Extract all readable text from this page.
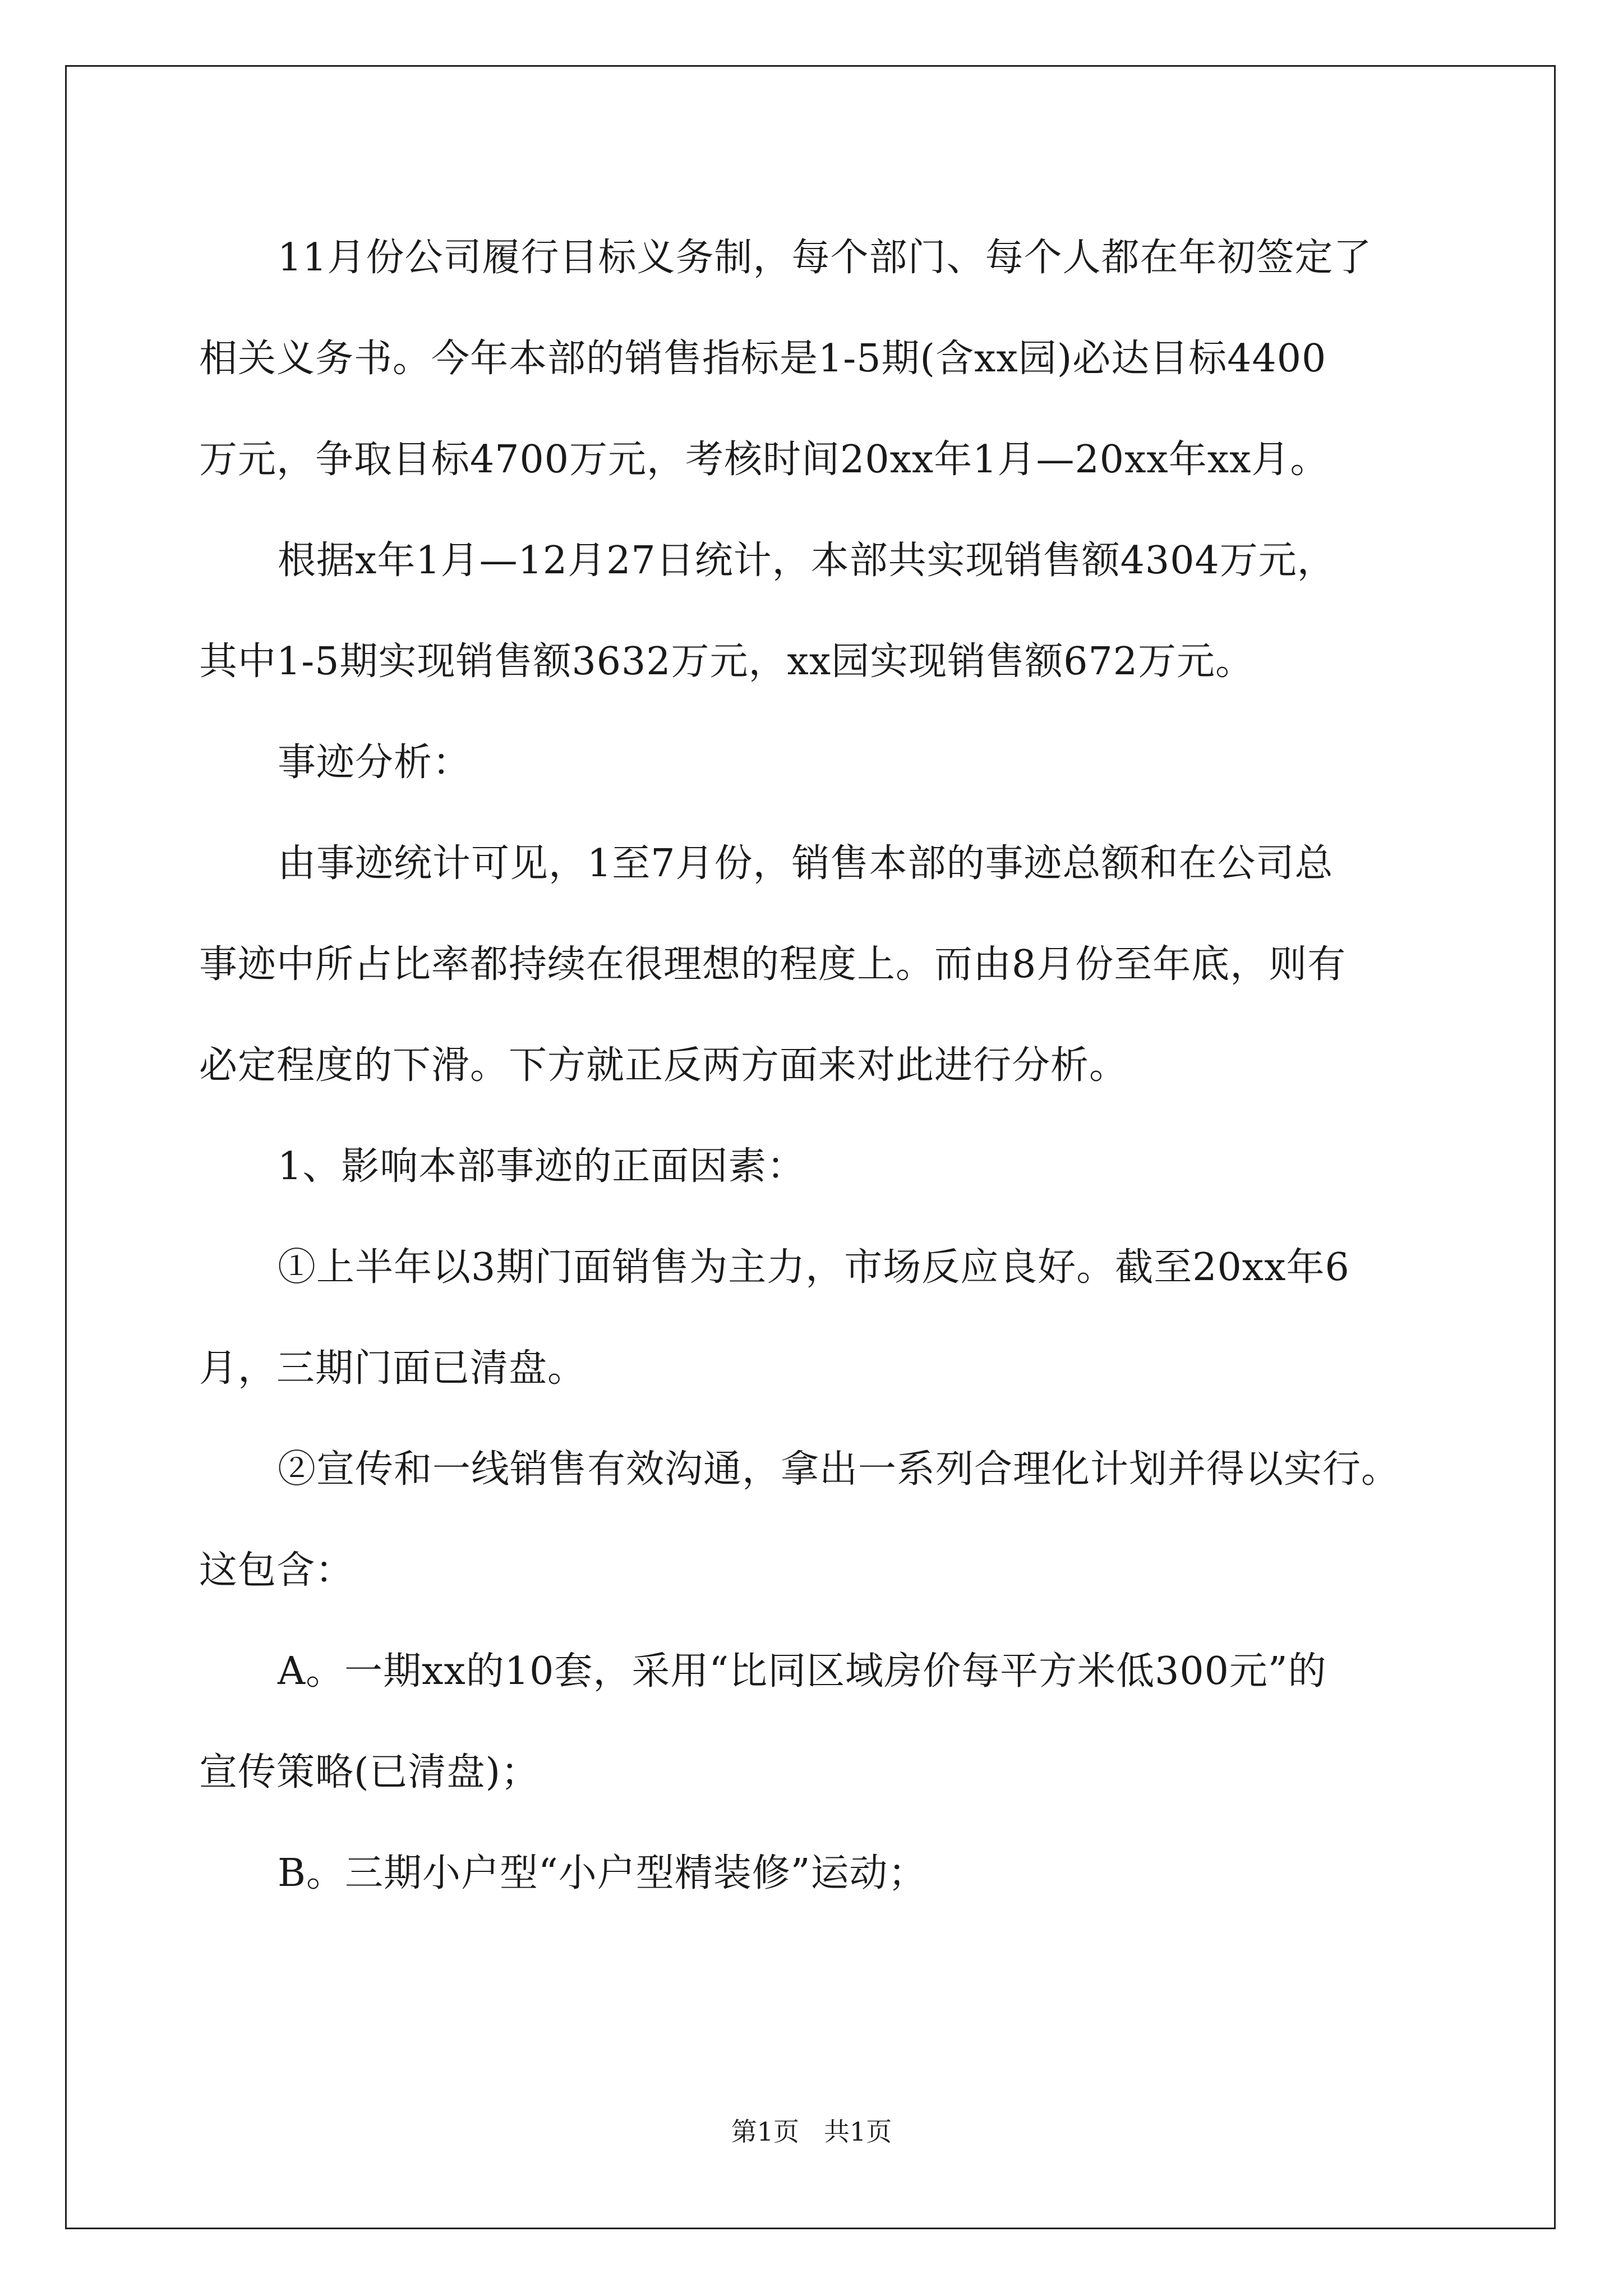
11月份公司履行目标义务制，每个部门、每个人都在年初签定了
相关义务书。今年本部的销售指标是1-5期(含xx园)必达目标4400
万元，争取目标4700万元，考核时间20xx年1月—20xx年xx月。
根据x年1月—12月27日统计，本部共实现销售额4304万元，
其中1-5期实现销售额3632万元，xx园实现销售额672万元。
事迹分析：
由事迹统计可见，1至7月份，销售本部的事迹总额和在公司总
事迹中所占比率都持续在很理想的程度上。而由8月份至年底，则有
必定程度的下滑。下方就正反两方面来对此进行分析。
1、影响本部事迹的正面因素：
①上半年以3期门面销售为主力，市场反应良好。截至20xx年6
月，三期门面已清盘。
②宣传和一线销售有效沟通，拿出一系列合理化计划并得以实行。
这包含：
A。一期xx的10套，采用“比同区域房价每平方米低300元”的
宣传策略(已清盘)；
B。三期小户型“小户型精装修”运动；
第1页 共1页
